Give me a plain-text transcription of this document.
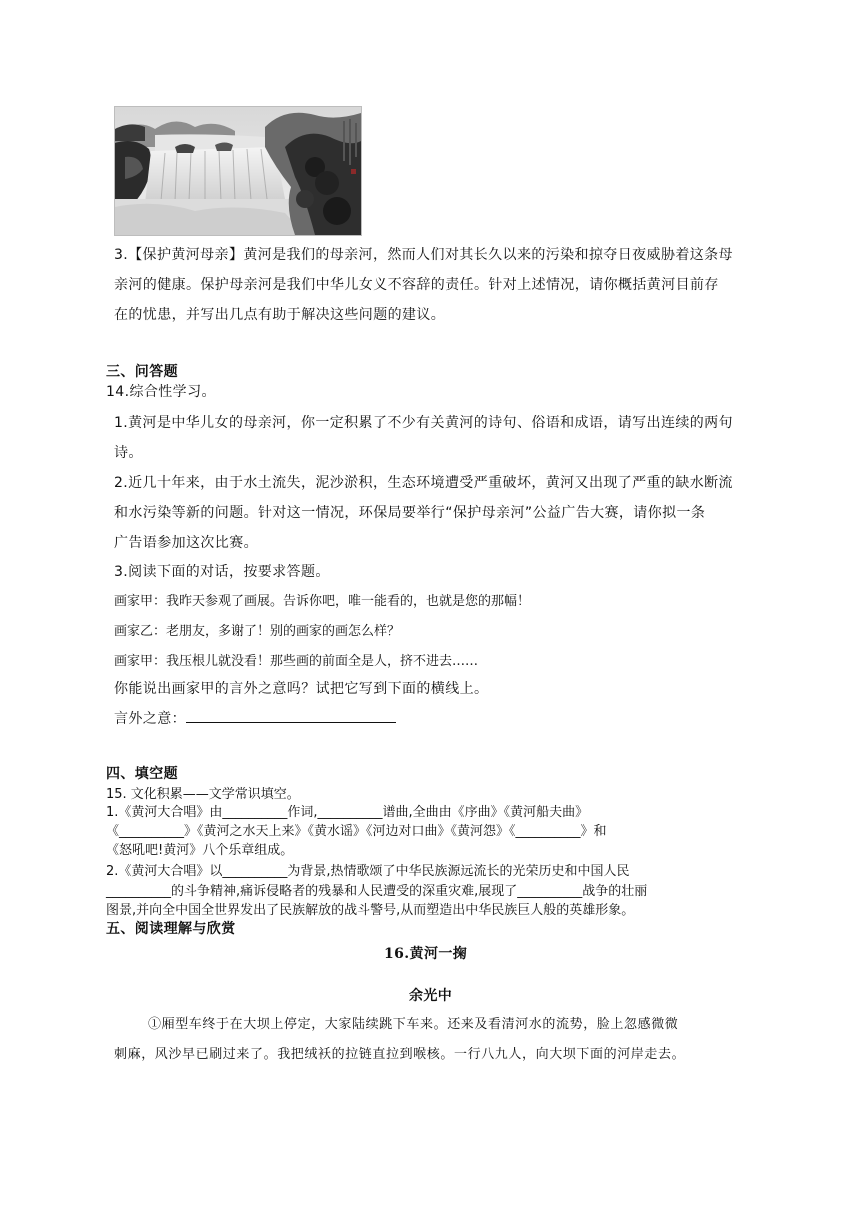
3.【保护黄河母亲】黄河是我们的母亲河，然而人们对其长久以来的污染和掠夺日夜威胁着这条母
亲河的健康。保护母亲河是我们中华儿女义不容辞的责任。针对上述情况，请你概括黄河目前存
在的忧患，并写出几点有助于解决这些问题的建议。
三、问答题
14.综合性学习。
1.黄河是中华儿女的母亲河，你一定积累了不少有关黄河的诗句、俗语和成语，请写出连续的两句
诗。
2.近几十年来，由于水土流失，泥沙淤积，生态环境遭受严重破坏，黄河又出现了严重的缺水断流
和水污染等新的问题。针对这一情况，环保局要举行“保护母亲河”公益广告大赛，请你拟一条
广告语参加这次比赛。
3.阅读下面的对话，按要求答题。
画家甲：我昨天参观了画展。告诉你吧，唯一能看的，也就是您的那幅！
画家乙：老朋友，多谢了！别的画家的画怎么样？
画家甲：我压根儿就没看！那些画的前面全是人，挤不进去……
你能说出画家甲的言外之意吗？试把它写到下面的横线上。
言外之意：
四、填空题
15. 文化积累——文学常识填空。
1.《黄河大合唱》由__________作词,__________谱曲,全曲由《序曲》《黄河船夫曲》
《__________》《黄河之水天上来》《黄水谣》《河边对口曲》《黄河怨》《__________》和
《怒吼吧!黄河》八个乐章组成。
2.《黄河大合唱》以__________为背景,热情歌颂了中华民族源远流长的光荣历史和中国人民
__________的斗争精神,痛诉侵略者的残暴和人民遭受的深重灾难,展现了__________战争的壮丽
图景,并向全中国全世界发出了民族解放的战斗警号,从而塑造出中华民族巨人般的英雄形象。
五、阅读理解与欣赏
16.黄河一掬
余光中
①厢型车终于在大坝上停定，大家陆续跳下车来。还来及看清河水的流势，脸上忽感微微
刺麻，风沙早已刷过来了。我把绒袄的拉链直拉到喉核。一行八九人，向大坝下面的河岸走去。
